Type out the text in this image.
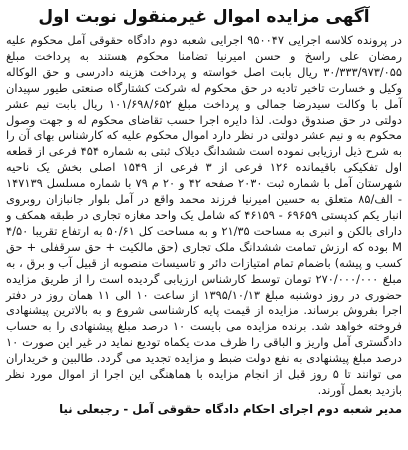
آگهی مزایده اموال غیرمنقول نوبت اول

در پرونده کلاسه اجرایی ۹۵۰۰۴۷ اجرایی شعبه دوم دادگاه حقوقی آمل محکوم علیه رمضان علی راسخ و حسن امیرنیا تضامنا محکوم هستند به پرداخت مبلغ ۳۰/۳۳۳/۹۷۳/۰۵۵ ریال بابت اصل خواسته و پرداخت هزینه دادرسی و حق الوکاله وکیل و خسارت تاخیر تادیه در حق محکوم له شرکت کشتارگاه صنعتی طیور سپیدان آمل با وکالت سیدرضا جمالی و پرداخت مبلغ ۱۰۱/۶۹۸/۶۵۲ ریال بابت نیم عشر دولتی در حق صندوق دولت. لذا دایره اجرا حسب تقاضای محکوم له و جهت وصول محکوم به و نیم عشر دولتی در نظر دارد اموال محکوم علیه که کارشناس بهای آن را به شرح ذیل ارزیابی نموده است ششدانگ دیلاک ثبتی به شماره ۴۵۴ فرعی از قطعه اول تفکیکی باقیمانده ۱۲۶ فرعی از ۳ فرعی از ۱۵۴۹ اصلی بخش یک ناحیه شهرستان آمل با شماره ثبت ۲۰۳۰ صفحه ۴۲ و ۲۰ م ۷۹ با شماره مسلسل ۱۴۷۱۳۹ - الف/۸۵ متعلق به حسین امیرنیا فرزند محمد واقع در آمل بلوار جانبازان روبروی انبار یکم کدپستی ۶۹۶۵۹ - ۴۶۱۵۹ که شامل یک واحد مغازه تجاری در طبقه همکف و دارای بالکن و انبری به مساحت ۲۱/۳۵ و به مساحت کل ۵۰/۶۱ به ارتفاع تقریبا ۴/۵۰ M بوده که ارزش تمامت ششدانگ ملک تجاری (حق مالکیت + حق سرقفلی + حق کسب و پیشه) باضمام تمام امتیازات دائر و تاسیسات منصوبه از قبیل آب و برق ، به مبلغ ۲۷۰/۰۰۰/۰۰۰ تومان توسط کارشناس ارزیابی گردیده است را از طریق مزایده حضوری در روز دوشنبه مبلغ ۱۳۹۵/۱۰/۱۳ از ساعت ۱۰ الی ۱۱ همان روز در دفتر اجرا بفروش برساند. مزایده از قیمت پایه کارشناسی شروع و به بالاترین پیشنهادی فروخته خواهد شد. برنده مزایده می بایست ۱۰ درصد مبلغ پیشنهادی را به حساب دادگستری آمل واریز و الباقی را ظرف مدت یکماه تودیع نماید در غیر این صورت ۱۰ درصد مبلغ پیشنهادی به نفع دولت ضبط و مزایده تجدید می گردد. طالبین و خریداران می توانند تا ۵ روز قبل از انجام مزایده با هماهنگی این اجرا از اموال مورد نظر بازدید بعمل آورند.

مدیر شعبه دوم اجرای احکام دادگاه حقوقی آمل - رجبعلی نیا
